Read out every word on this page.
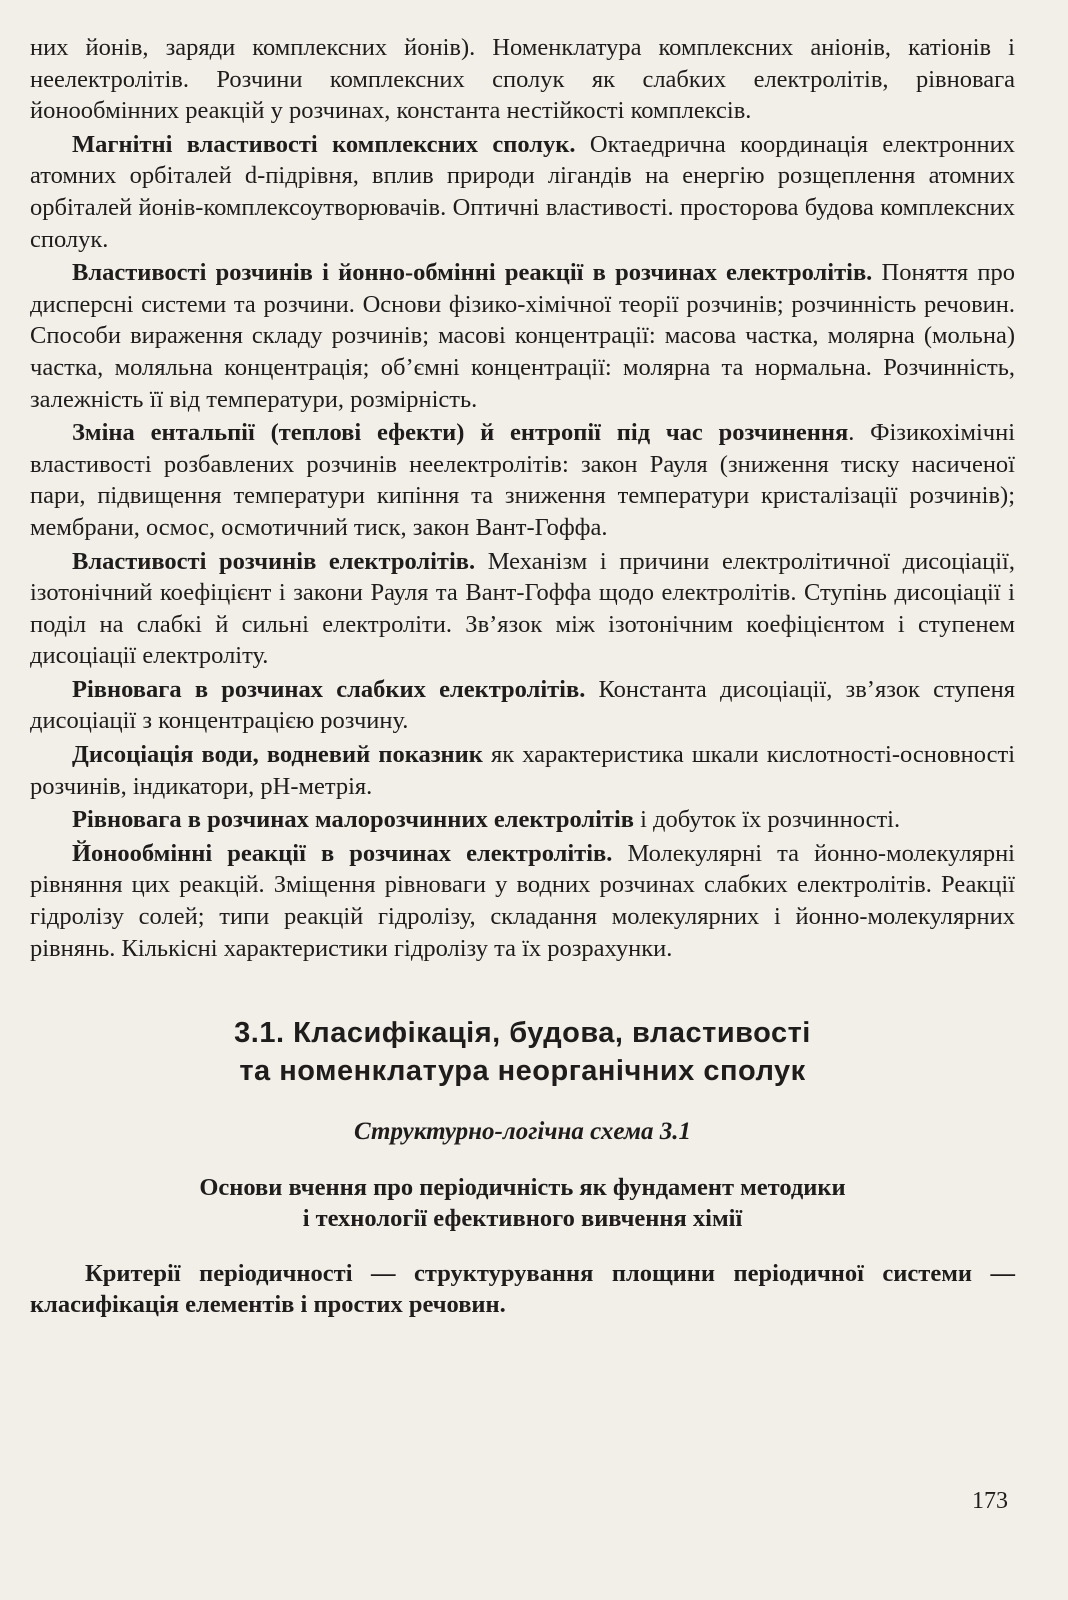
них йонів, заряди комплексних йонів). Номенклатура комплексних аніонів, катіонів і неелектролітів. Розчини комплексних сполук як слабких електролітів, рівновага йонообмінних реакцій у розчинах, константа нестійкості комплексів.

Магнітні властивості комплексних сполук. Октаедрична координація електронних атомних орбіталей d-підрівня, вплив природи лігандів на енергію розщеплення атомних орбіталей йонів-комплексоутворювачів. Оптичні властивості. просторова будова комплексних сполук.

Властивості розчинів і йонно-обмінні реакції в розчинах електролітів. Поняття про дисперсні системи та розчини. Основи фізико-хімічної теорії розчинів; розчинність речовин. Способи вираження складу розчинів; масові концентрації: масова частка, молярна (мольна) частка, моляльна концентрація; об’ємні концентрації: молярна та нормальна. Розчинність, залежність її від температури, розмірність.

Зміна ентальпії (теплові ефекти) й ентропії під час розчинення. Фізикохімічні властивості розбавлених розчинів неелектролітів: закон Рауля (зниження тиску насиченої пари, підвищення температури кипіння та зниження температури кристалізації розчинів); мембрани, осмос, осмотичний тиск, закон Вант-Гоффа.

Властивості розчинів електролітів. Механізм і причини електролітичної дисоціації, ізотонічний коефіцієнт і закони Рауля та Вант-Гоффа щодо електролітів. Ступінь дисоціації і поділ на слабкі й сильні електроліти. Зв’язок між ізотонічним коефіцієнтом і ступенем дисоціації електроліту.

Рівновага в розчинах слабких електролітів. Константа дисоціації, зв’язок ступеня дисоціації з концентрацією розчину.

Дисоціація води, водневий показник як характеристика шкали кислотності-основності розчинів, індикатори, pH-метрія.

Рівновага в розчинах малорозчинних електролітів і добуток їх розчинності.

Йонообмінні реакції в розчинах електролітів. Молекулярні та йонно-молекулярні рівняння цих реакцій. Зміщення рівноваги у водних розчинах слабких електролітів. Реакції гідролізу солей; типи реакцій гідролізу, складання молекулярних і йонно-молекулярних рівнянь. Кількісні характеристики гідролізу та їх розрахунки.

3.1. Класифікація, будова, властивості
та номенклатура неорганічних сполук
Структурно-логічна схема 3.1
Основи вчення про періодичність як фундамент методики
і технології ефективного вивчення хімії

Критерії періодичності — структурування площини періодичної системи — класифікація елементів і простих речовин.

173
